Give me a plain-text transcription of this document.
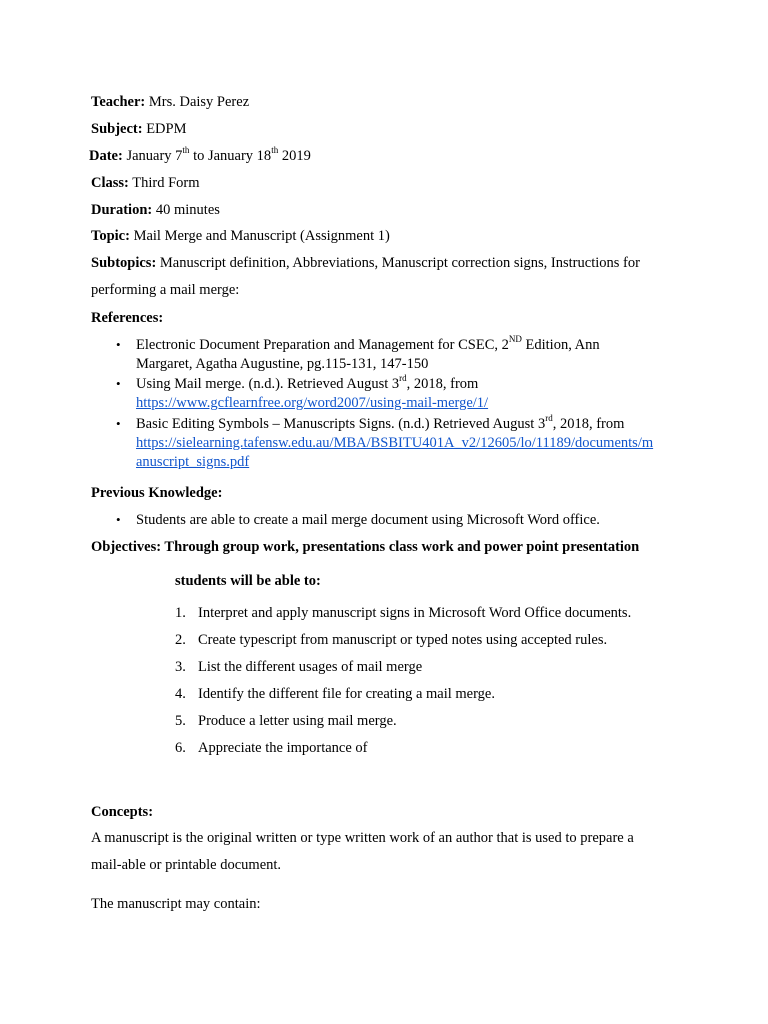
Teacher: Mrs. Daisy Perez
Subject: EDPM
Date: January 7th to January 18th 2019
Class: Third Form
Duration: 40 minutes
Topic: Mail Merge and Manuscript (Assignment 1)
Subtopics: Manuscript definition, Abbreviations, Manuscript correction signs, Instructions for
performing a mail merge:
References:
• Electronic Document Preparation and Management for CSEC, 2ND Edition, Ann
Margaret, Agatha Augustine, pg.115-131, 147-150
• Using Mail merge. (n.d.). Retrieved August 3rd, 2018, from
https://www.gcflearnfree.org/word2007/using-mail-merge/1/
• Basic Editing Symbols – Manuscripts Signs. (n.d.) Retrieved August 3rd, 2018, from
https://sielearning.tafensw.edu.au/MBA/BSBITU401A_v2/12605/lo/11189/documents/m
anuscript_signs.pdf
Previous Knowledge:
• Students are able to create a mail merge document using Microsoft Word office.
Objectives: Through group work, presentations class work and power point presentation
students will be able to:
1. Interpret and apply manuscript signs in Microsoft Word Office documents.
2. Create typescript from manuscript or typed notes using accepted rules.
3. List the different usages of mail merge
4. Identify the different file for creating a mail merge.
5. Produce a letter using mail merge.
6. Appreciate the importance of
Concepts:
A manuscript is the original written or type written work of an author that is used to prepare a
mail-able or printable document.
The manuscript may contain:
